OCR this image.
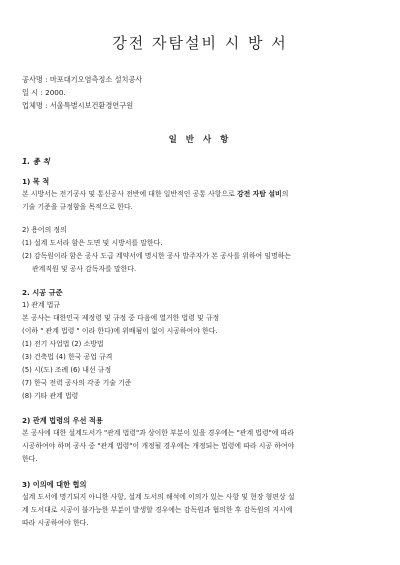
강전 자탐설비 시 방 서
공사명 : 마포대기오염측정소 설치공사
일 시 : 2000.
업체명 : 서울특별시보건환경연구원
일 반 사 항
1. 총 칙
1) 목 적
본 시방서는 전기공사 및 통신공사 전반에 대한 일반적인 공통 사항으로 강전 자탐 설비의
기술 기준을 규정함을 목적으로 한다.
2) 용어의 정의
(1) 설계 도서라 함은 도면 및 시방서를 말한다.
(2) 감독원이라 함은 공사 도급 계약서에 명시한 공사 발주자가 본 공사를 위하여 임명하는
관계직원 및 공사 감독자를 말한다.
2. 시공 규준
1) 관계 법규
본 공사는 대한민국 제정령 및 규정 중 다음에 열거한 법령 및 규정
(이하 " 관계 법령 " 이라 한다)에 위배됨이 없이 시공하여야 한다.
(1) 전기 사업법 (2) 소방법
(3) 건축법 (4) 한국 공업 규격
(5) 시(도) 조례 (6) 내선 규정
(7) 한국 전력 공사의 각종 기술 기준
(8) 기타 관계 법령
2) 관계 법령의 우선 적용
본 공사에 대한 설계도서가 "관계 법령"과 상이한 부분이 있을 경우에는 "관계 법령"에 따라
시공하여야 하며 공사 중 "관계 법령"이 개정될 경우에는 개정되는 법령에 따라 시공 하여야
한다.
3) 이의에 대한 협의
설계 도서에 명기되지 아니한 사항, 설계 도서의 해석에 이의가 있는 사항 및 현장 형편상 설
계 도서대로 시공이 불가능한 부분이 발생할 경우에는 감독원과 협의한 후 감독원의 지시에
따라 시공하여야 한다.
